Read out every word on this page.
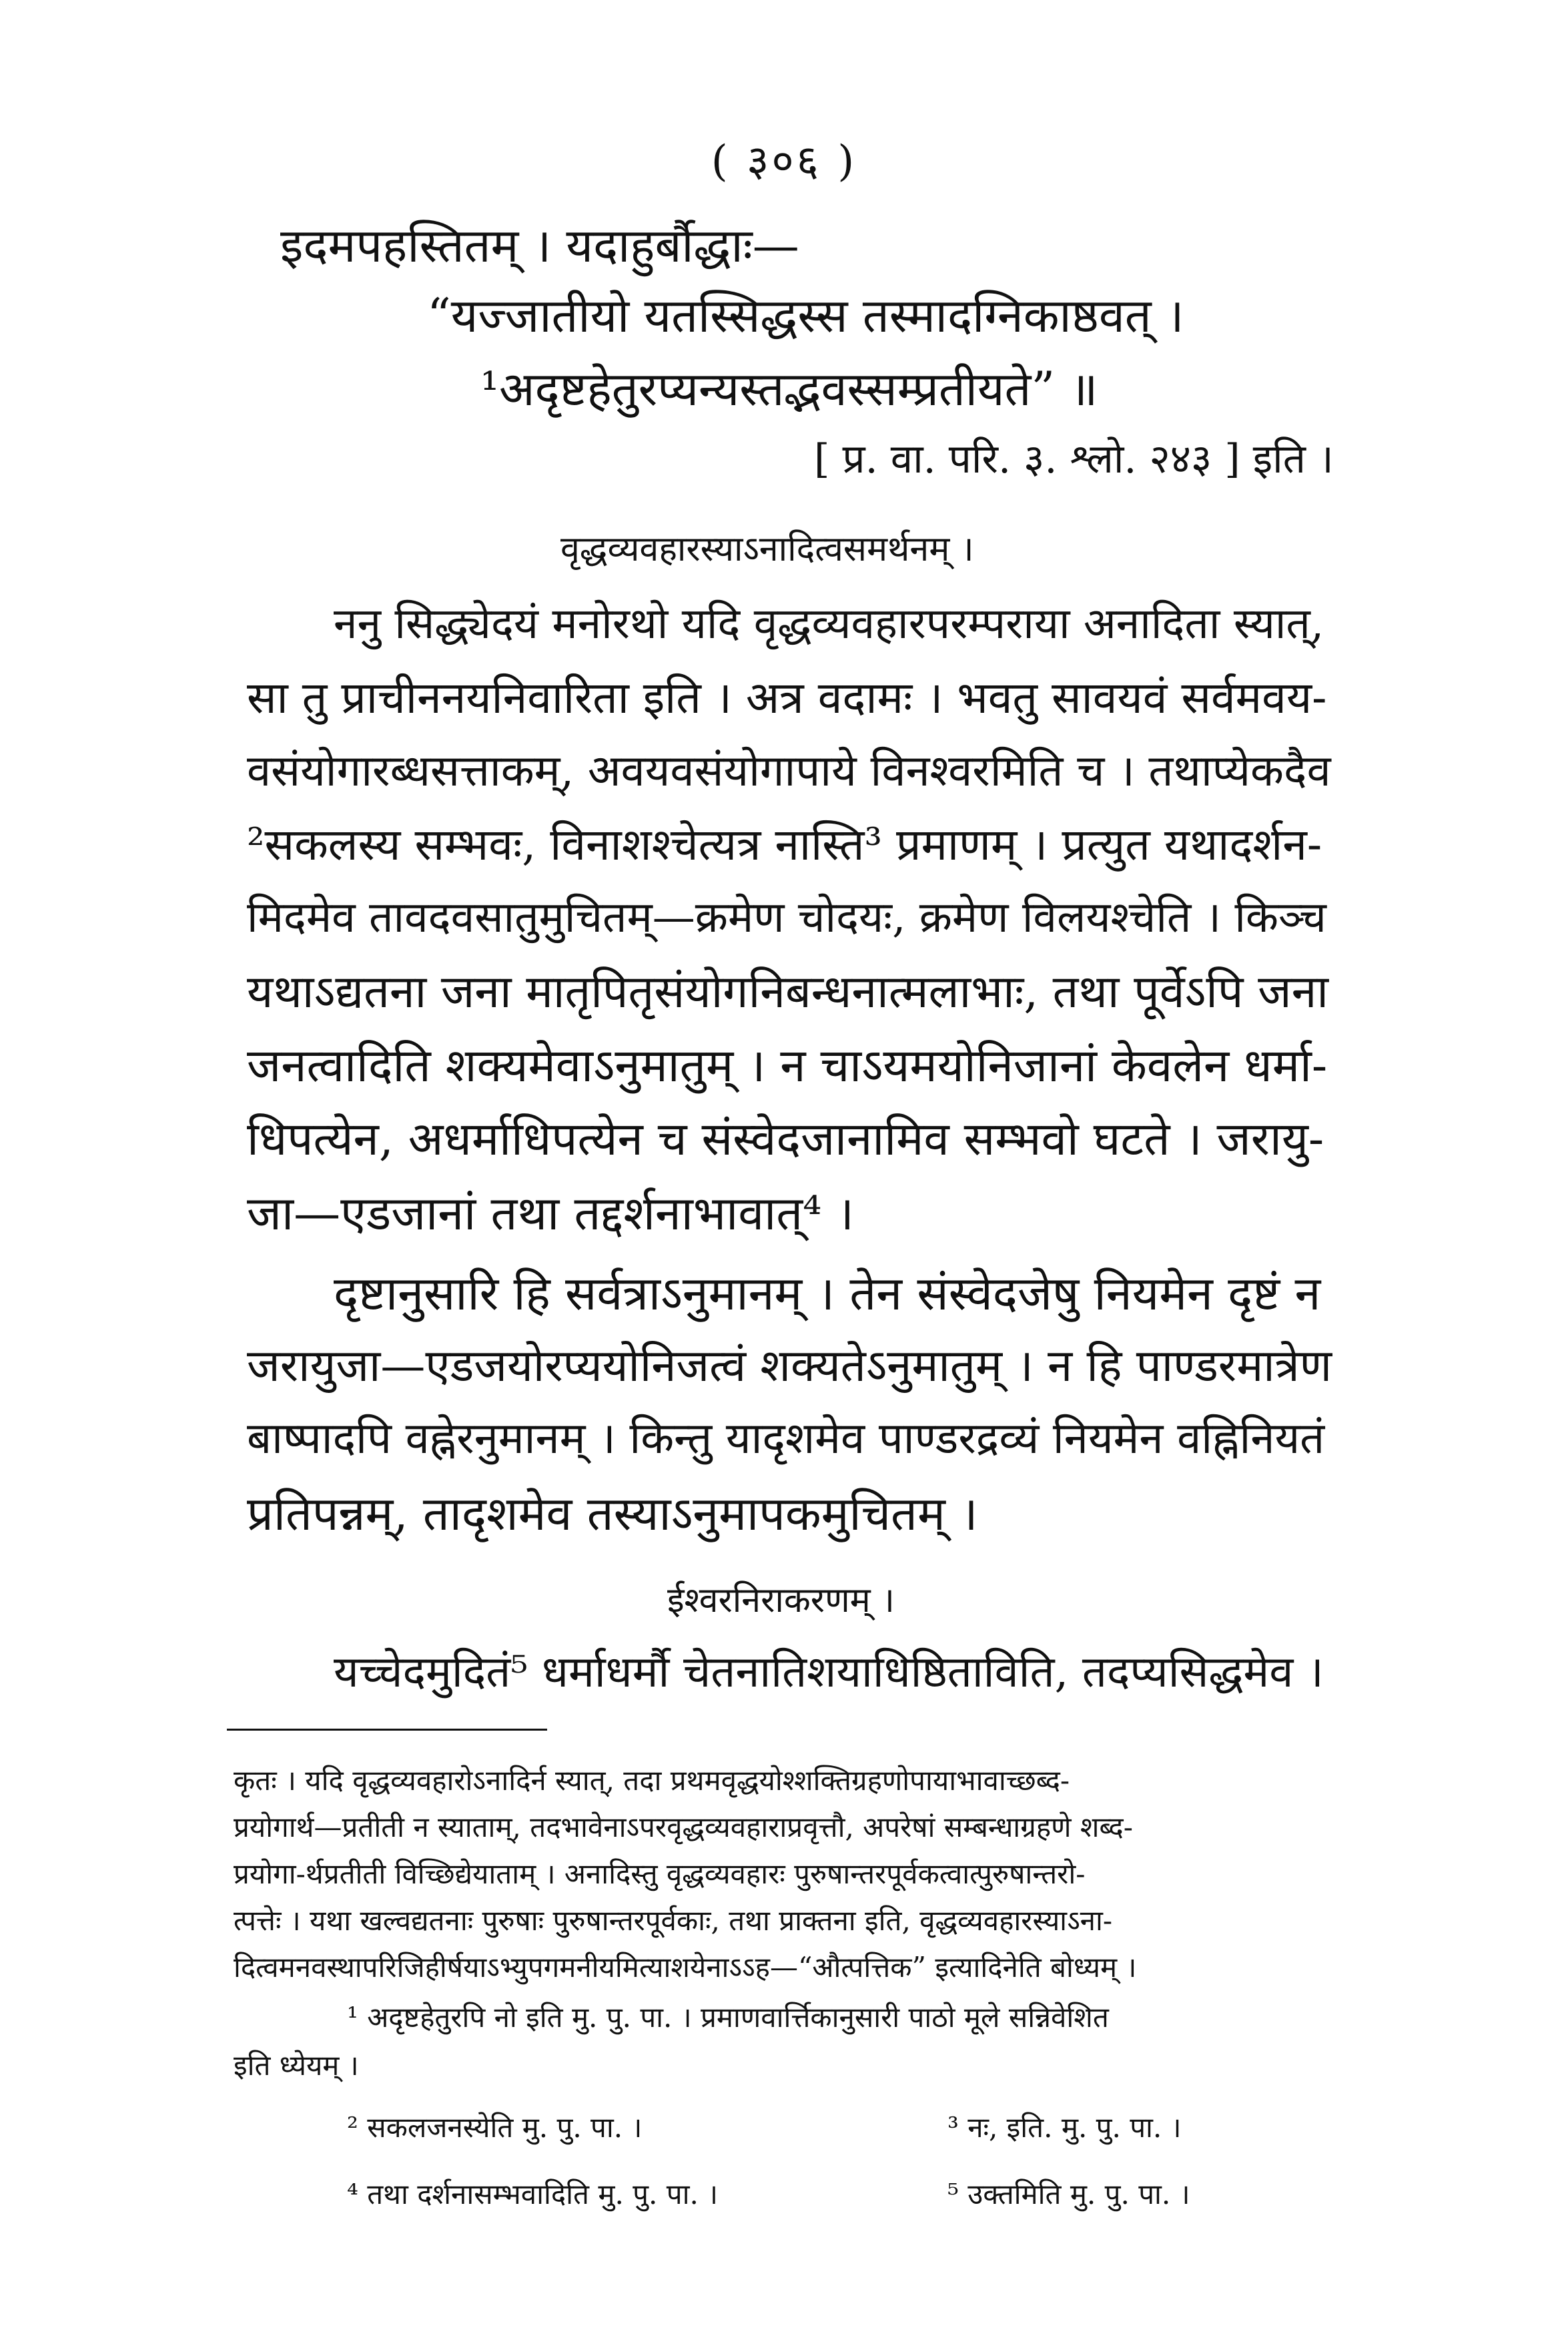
( ३०६ )
इदमपहस्तितम् । यदाहुर्बौद्धाः—
“यज्जातीयो यतस्सिद्धस्स तस्मादग्निकाष्ठवत् ।
¹अदृष्टहेतुरप्यन्यस्तद्भवस्सम्प्रतीयते” ॥
[ प्र. वा. परि. ३. श्लो. २४३ ] इति ।
वृद्धव्यवहारस्याऽनादित्वसमर्थनम् ।
ननु सिद्ध्येदयं मनोरथो यदि वृद्धव्यवहारपरम्पराया अनादिता स्यात्,
सा तु प्राचीननयनिवारिता इति । अत्र वदामः । भवतु सावयवं सर्वमवय-
वसंयोगारब्धसत्ताकम्, अवयवसंयोगापाये विनश्वरमिति च । तथाप्येकदैव
²सकलस्य सम्भवः, विनाशश्चेत्यत्र नास्ति³ प्रमाणम् । प्रत्युत यथादर्शन-
मिदमेव तावदवसातुमुचितम्—क्रमेण चोदयः, क्रमेण विलयश्चेति । किञ्च
यथाऽद्यतना जना मातृपितृसंयोगनिबन्धनात्मलाभाः, तथा पूर्वेऽपि जना
जनत्वादिति शक्यमेवाऽनुमातुम् । न चाऽयमयोनिजानां केवलेन धर्मा-
धिपत्येन, अधर्माधिपत्येन च संस्वेदजानामिव सम्भवो घटते । जरायु-
जा—एडजानां तथा तद्दर्शनाभावात्⁴ ।
दृष्टानुसारि हि सर्वत्राऽनुमानम् । तेन संस्वेदजेषु नियमेन दृष्टं न
जरायुजा—एडजयोरप्ययोनिजत्वं शक्यतेऽनुमातुम् । न हि पाण्डरमात्रेण
बाष्पादपि वह्नेरनुमानम् । किन्तु यादृशमेव पाण्डरद्रव्यं नियमेन वह्निनियतं
प्रतिपन्नम्, तादृशमेव तस्याऽनुमापकमुचितम् ।
ईश्वरनिराकरणम् ।
यच्चेदमुदितं⁵ धर्माधर्मौ चेतनातिशयाधिष्ठिताविति, तदप्यसिद्धमेव ।
कृतः । यदि वृद्धव्यवहारोऽनादिर्न स्यात्, तदा प्रथमवृद्धयोश्शक्तिग्रहणोपायाभावाच्छब्द-
प्रयोगार्थ—प्रतीती न स्याताम्, तदभावेनाऽपरवृद्धव्यवहाराप्रवृत्तौ, अपरेषां सम्बन्धाग्रहणे शब्द-
प्रयोगा-र्थप्रतीती विच्छिद्येयाताम् । अनादिस्तु वृद्धव्यवहारः पुरुषान्तरपूर्वकत्वात्पुरुषान्तरो-
त्पत्तेः । यथा खल्वद्यतनाः पुरुषाः पुरुषान्तरपूर्वकाः, तथा प्राक्तना इति, वृद्धव्यवहारस्याऽना-
दित्वमनवस्थापरिजिहीर्षयाऽभ्युपगमनीयमित्याशयेनाऽऽह—“औत्पत्तिक” इत्यादिनेति बोध्यम् ।
¹ अदृष्टहेतुरपि नो इति मु. पु. पा. । प्रमाणवार्त्तिकानुसारी पाठो मूले सन्निवेशित
इति ध्येयम् ।
² सकलजनस्येति मु. पु. पा. ।	³ नः, इति. मु. पु. पा. ।
⁴ तथा दर्शनासम्भवादिति मु. पु. पा. ।	⁵ उक्तमिति मु. पु. पा. ।
